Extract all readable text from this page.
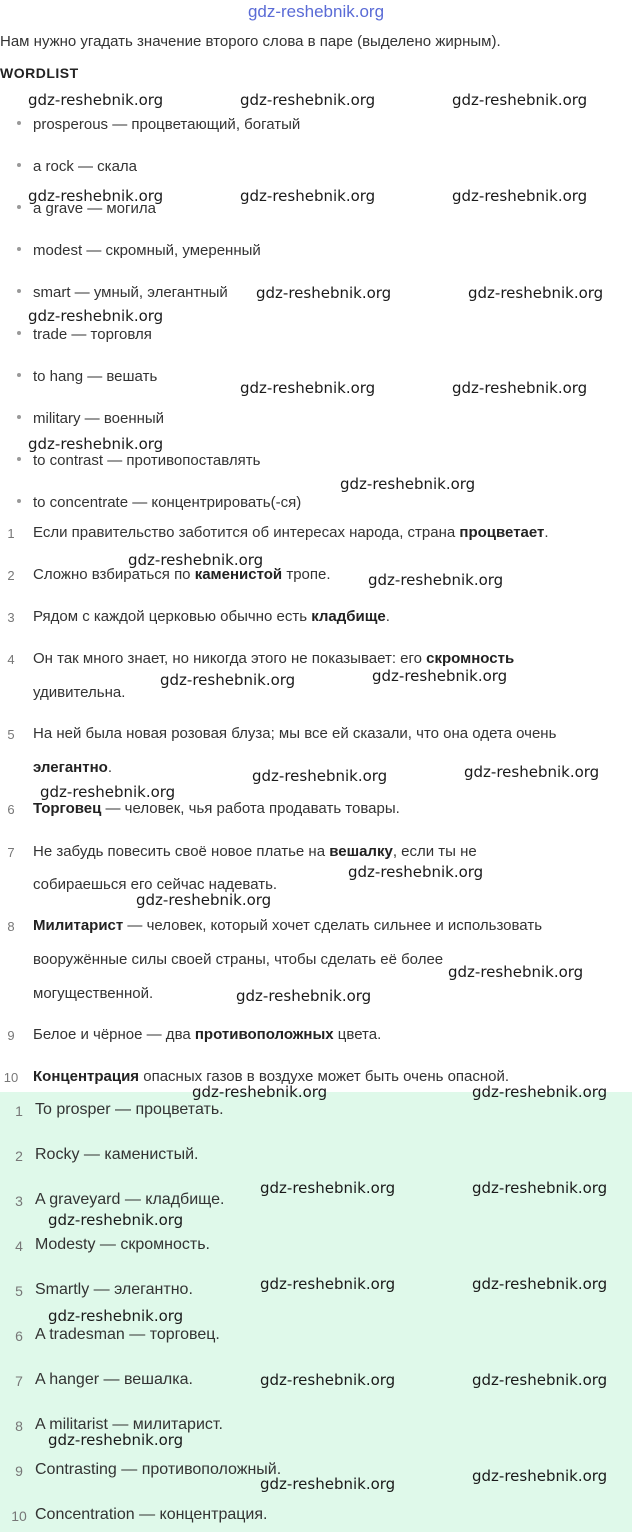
gdz-reshebnik.org
Нам нужно угадать значение второго слова в паре (выделено жирным).
WORDLIST
prosperous — процветающий, богатый
a rock — скала
a grave — могила
modest — скромный, умеренный
smart — умный, элегантный
trade — торговля
to hang — вешать
military — военный
to contrast — противопоставлять
to concentrate — концентрировать(-ся)
1	Если правительство заботится об интересах народа, страна процветает.
2	Сложно взбираться по каменистой тропе.
3	Рядом с каждой церковью обычно есть кладбище.
4	Он так много знает, но никогда этого не показывает: его скромность
удивительна.
5	На ней была новая розовая блуза; мы все ей сказали, что она одета очень
элегантно.
6	Торговец — человек, чья работа продавать товары.
7	Не забудь повесить своё новое платье на вешалку, если ты не
собираешься его сейчас надевать.
8	Милитарист — человек, который хочет сделать сильнее и использовать
вооружённые силы своей страны, чтобы сделать её более
могущественной.
9	Белое и чёрное — два противоположных цвета.
10 Концентрация опасных газов в воздухе может быть очень опасной.
1 To prosper — процветать.
2 Rocky — каменистый.
3 A graveyard — кладбище.
4 Modesty — скромность.
5 Smartly — элегантно.
6 A tradesman — торговец.
7 A hanger — вешалка.
8 A militarist — милитарист.
9 Contrasting — противоположный.
10 Concentration — концентрация.
gdz-reshebnik.org	gdz-reshebnik.org	gdz-reshebnik.org
gdz-reshebnik.org	gdz-reshebnik.org	gdz-reshebnik.org
gdz-reshebnik.org	gdz-reshebnik.org
gdz-reshebnik.org
gdz-reshebnik.org	gdz-reshebnik.org
gdz-reshebnik.org
gdz-reshebnik.org
gdz-reshebnik.org
gdz-reshebnik.org
gdz-reshebnik.org	gdz-reshebnik.org
gdz-reshebnik.org	gdz-reshebnik.org
gdz-reshebnik.org
gdz-reshebnik.org
gdz-reshebnik.org
gdz-reshebnik.org
gdz-reshebnik.org
gdz-reshebnik.org	gdz-reshebnik.org
gdz-reshebnik.org	gdz-reshebnik.org
gdz-reshebnik.org
gdz-reshebnik.org	gdz-reshebnik.org
gdz-reshebnik.org
gdz-reshebnik.org	gdz-reshebnik.org
gdz-reshebnik.org
gdz-reshebnik.org	gdz-reshebnik.org
